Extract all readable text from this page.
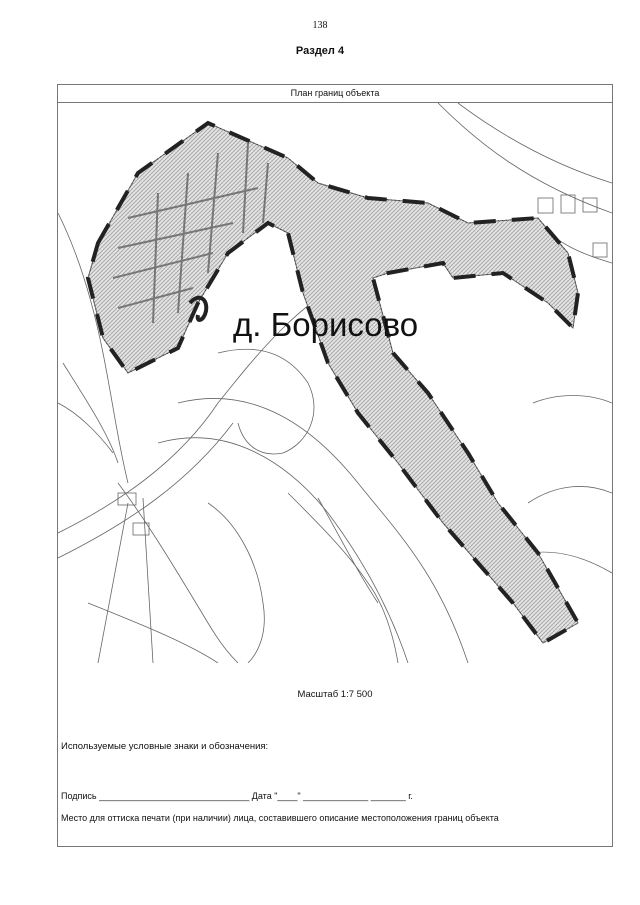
138
Раздел 4
План границ объекта
д. Борисово
Масштаб 1:7 500
Используемые условные знаки и обозначения:
Подпись ______________________________ Дата "____" _____________ _______ г.
Место для оттиска печати (при наличии) лица, составившего описание местоположения границ объекта
